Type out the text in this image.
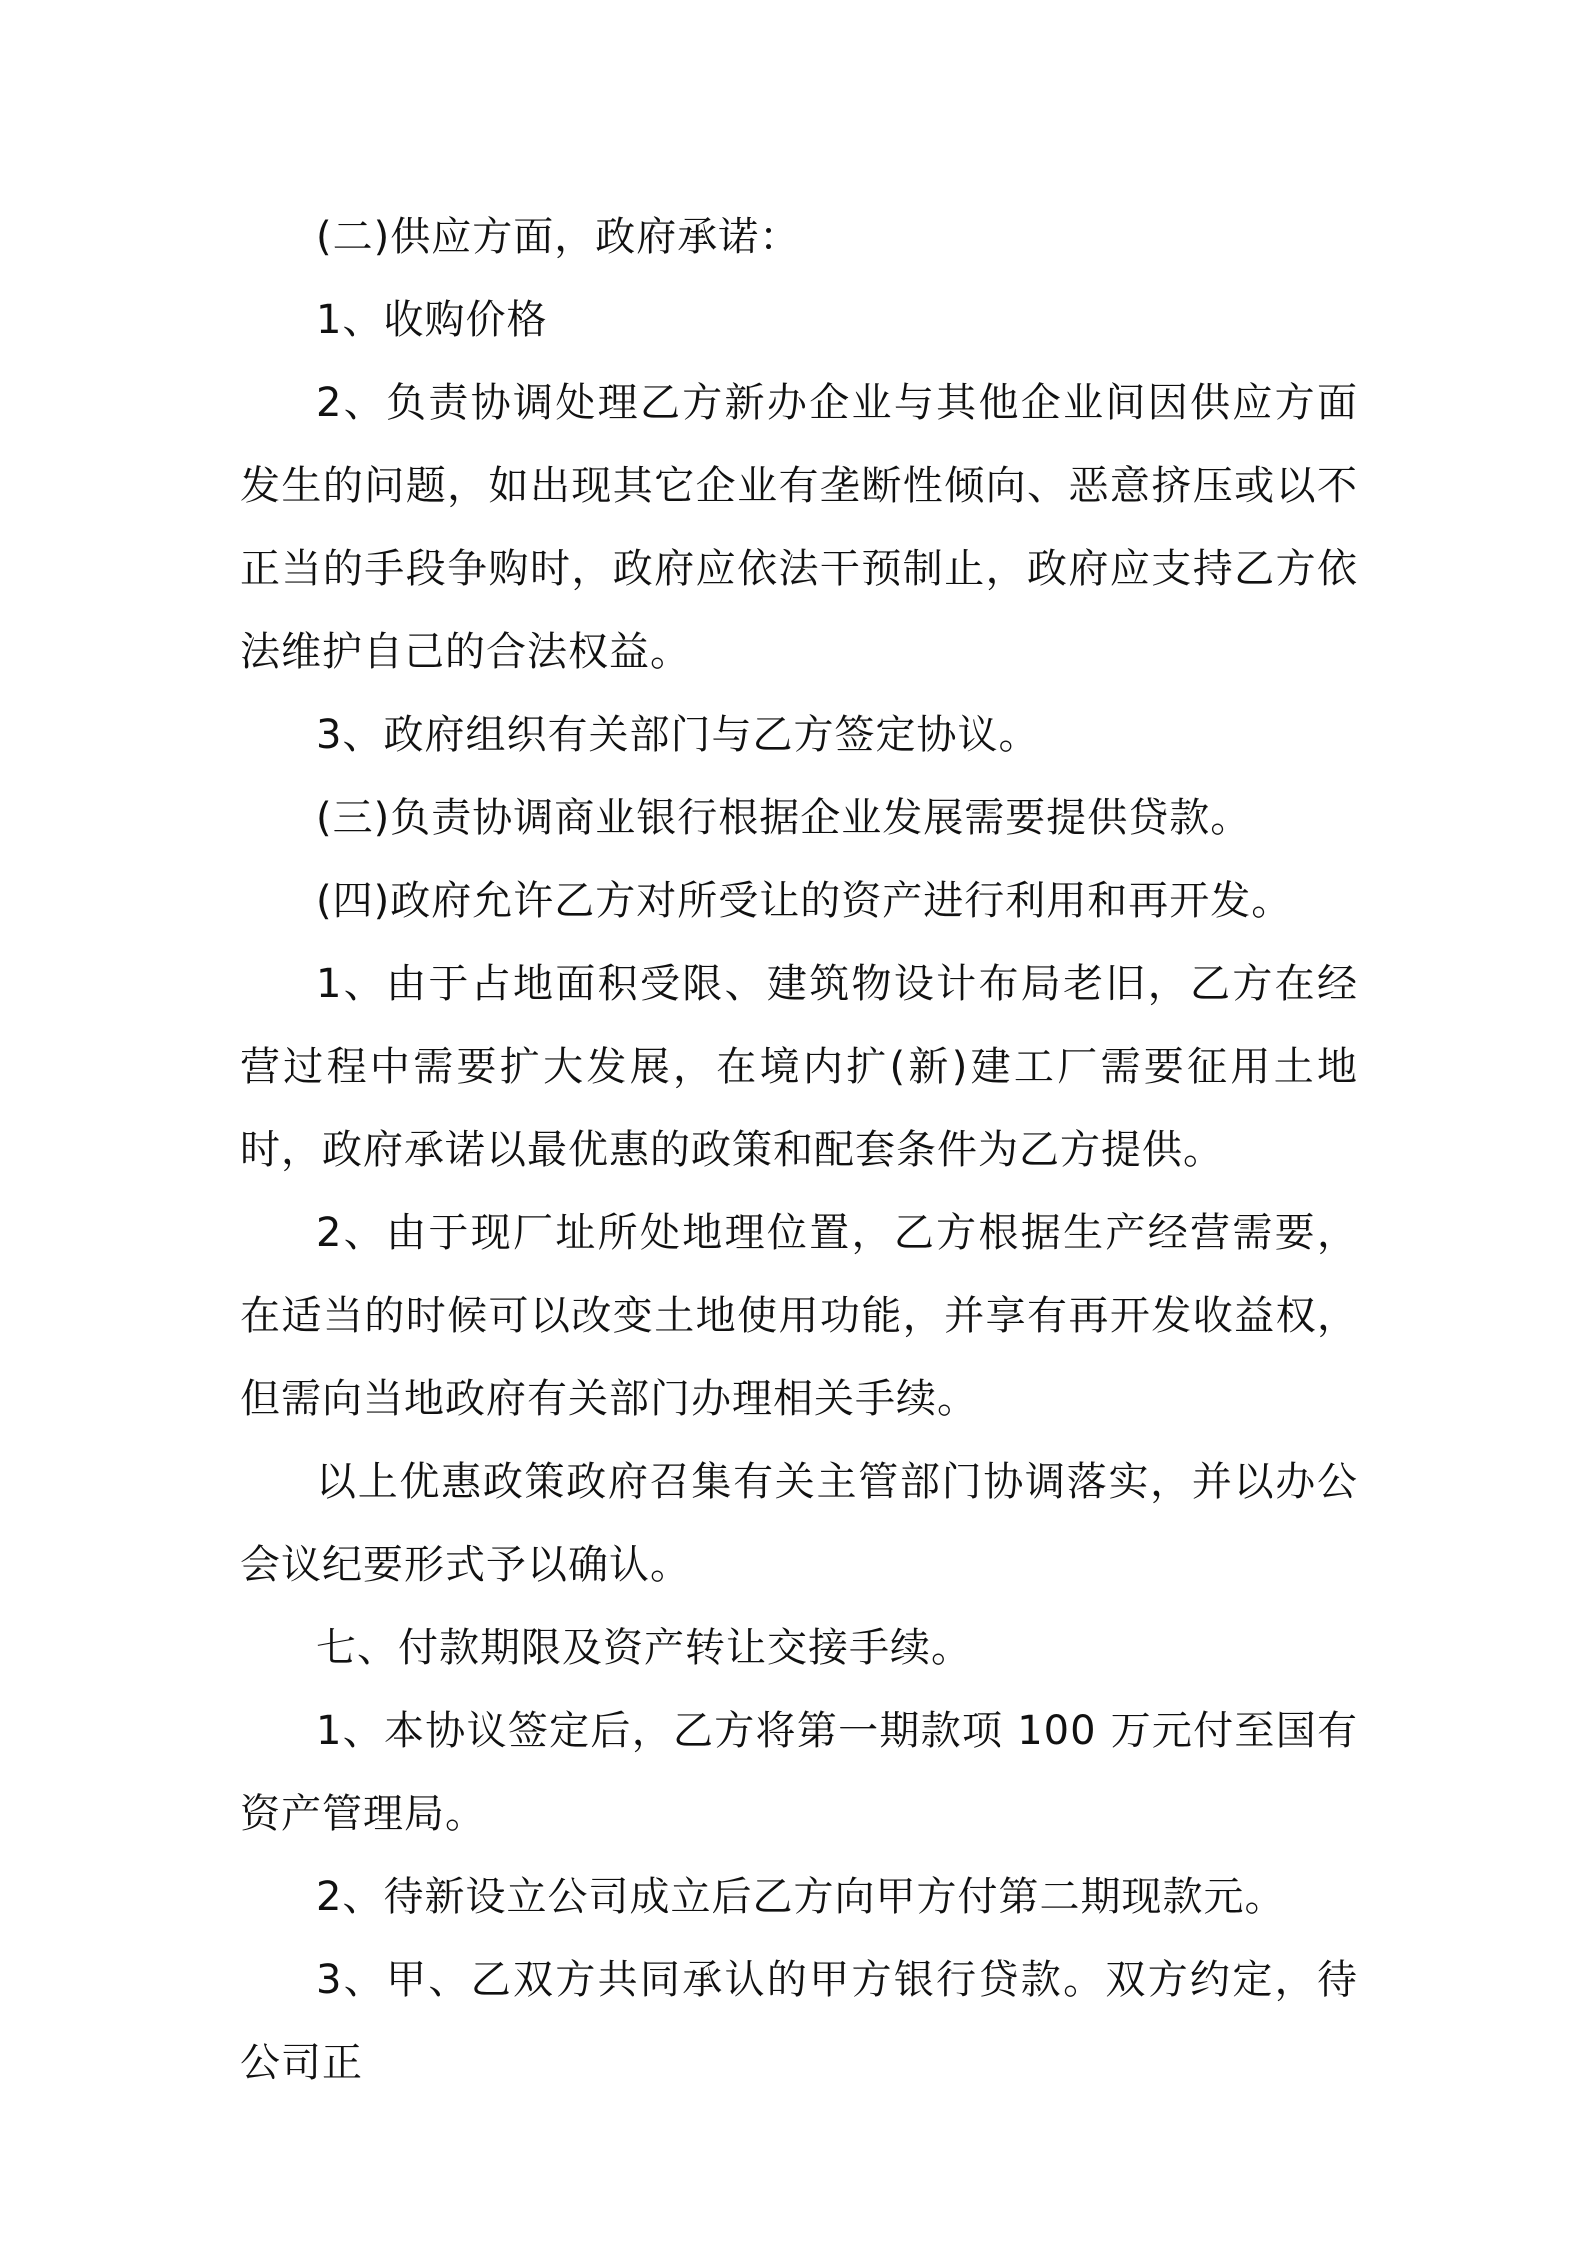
(二)供应方面，政府承诺：

1、收购价格

2、负责协调处理乙方新办企业与其他企业间因供应方面发生的问题，如出现其它企业有垄断性倾向、恶意挤压或以不正当的手段争购时，政府应依法干预制止，政府应支持乙方依法维护自己的合法权益。

3、政府组织有关部门与乙方签定协议。

(三)负责协调商业银行根据企业发展需要提供贷款。

(四)政府允许乙方对所受让的资产进行利用和再开发。

1、由于占地面积受限、建筑物设计布局老旧，乙方在经营过程中需要扩大发展，在境内扩(新)建工厂需要征用土地时，政府承诺以最优惠的政策和配套条件为乙方提供。

2、由于现厂址所处地理位置，乙方根据生产经营需要，在适当的时候可以改变土地使用功能，并享有再开发收益权，但需向当地政府有关部门办理相关手续。

以上优惠政策政府召集有关主管部门协调落实，并以办公会议纪要形式予以确认。

七、付款期限及资产转让交接手续。

1、本协议签定后，乙方将第一期款项 100 万元付至国有资产管理局。

2、待新设立公司成立后乙方向甲方付第二期现款元。

3、甲、乙双方共同承认的甲方银行贷款。双方约定，待公司正
